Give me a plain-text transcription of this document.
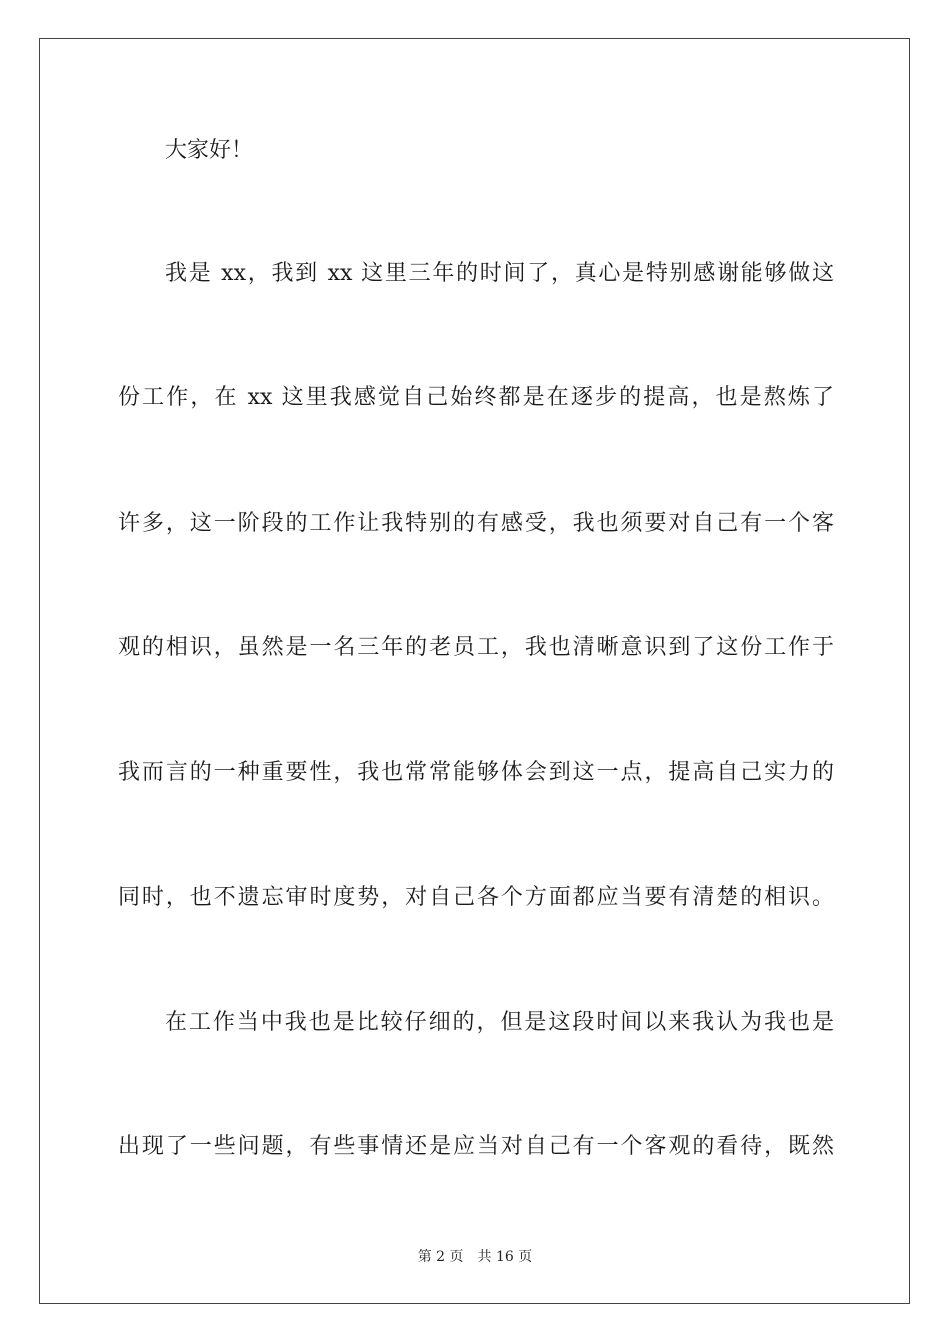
大家好！
我是 xx，我到 xx 这里三年的时间了，真心是特别感谢能够做这
份工作，在 xx 这里我感觉自己始终都是在逐步的提高，也是熬炼了
许多，这一阶段的工作让我特别的有感受，我也须要对自己有一个客
观的相识，虽然是一名三年的老员工，我也清晰意识到了这份工作于
我而言的一种重要性，我也常常能够体会到这一点，提高自己实力的
同时，也不遗忘审时度势，对自己各个方面都应当要有清楚的相识。
在工作当中我也是比较仔细的，但是这段时间以来我认为我也是
出现了一些问题，有些事情还是应当对自己有一个客观的看待，既然
第 2 页 共 16 页
